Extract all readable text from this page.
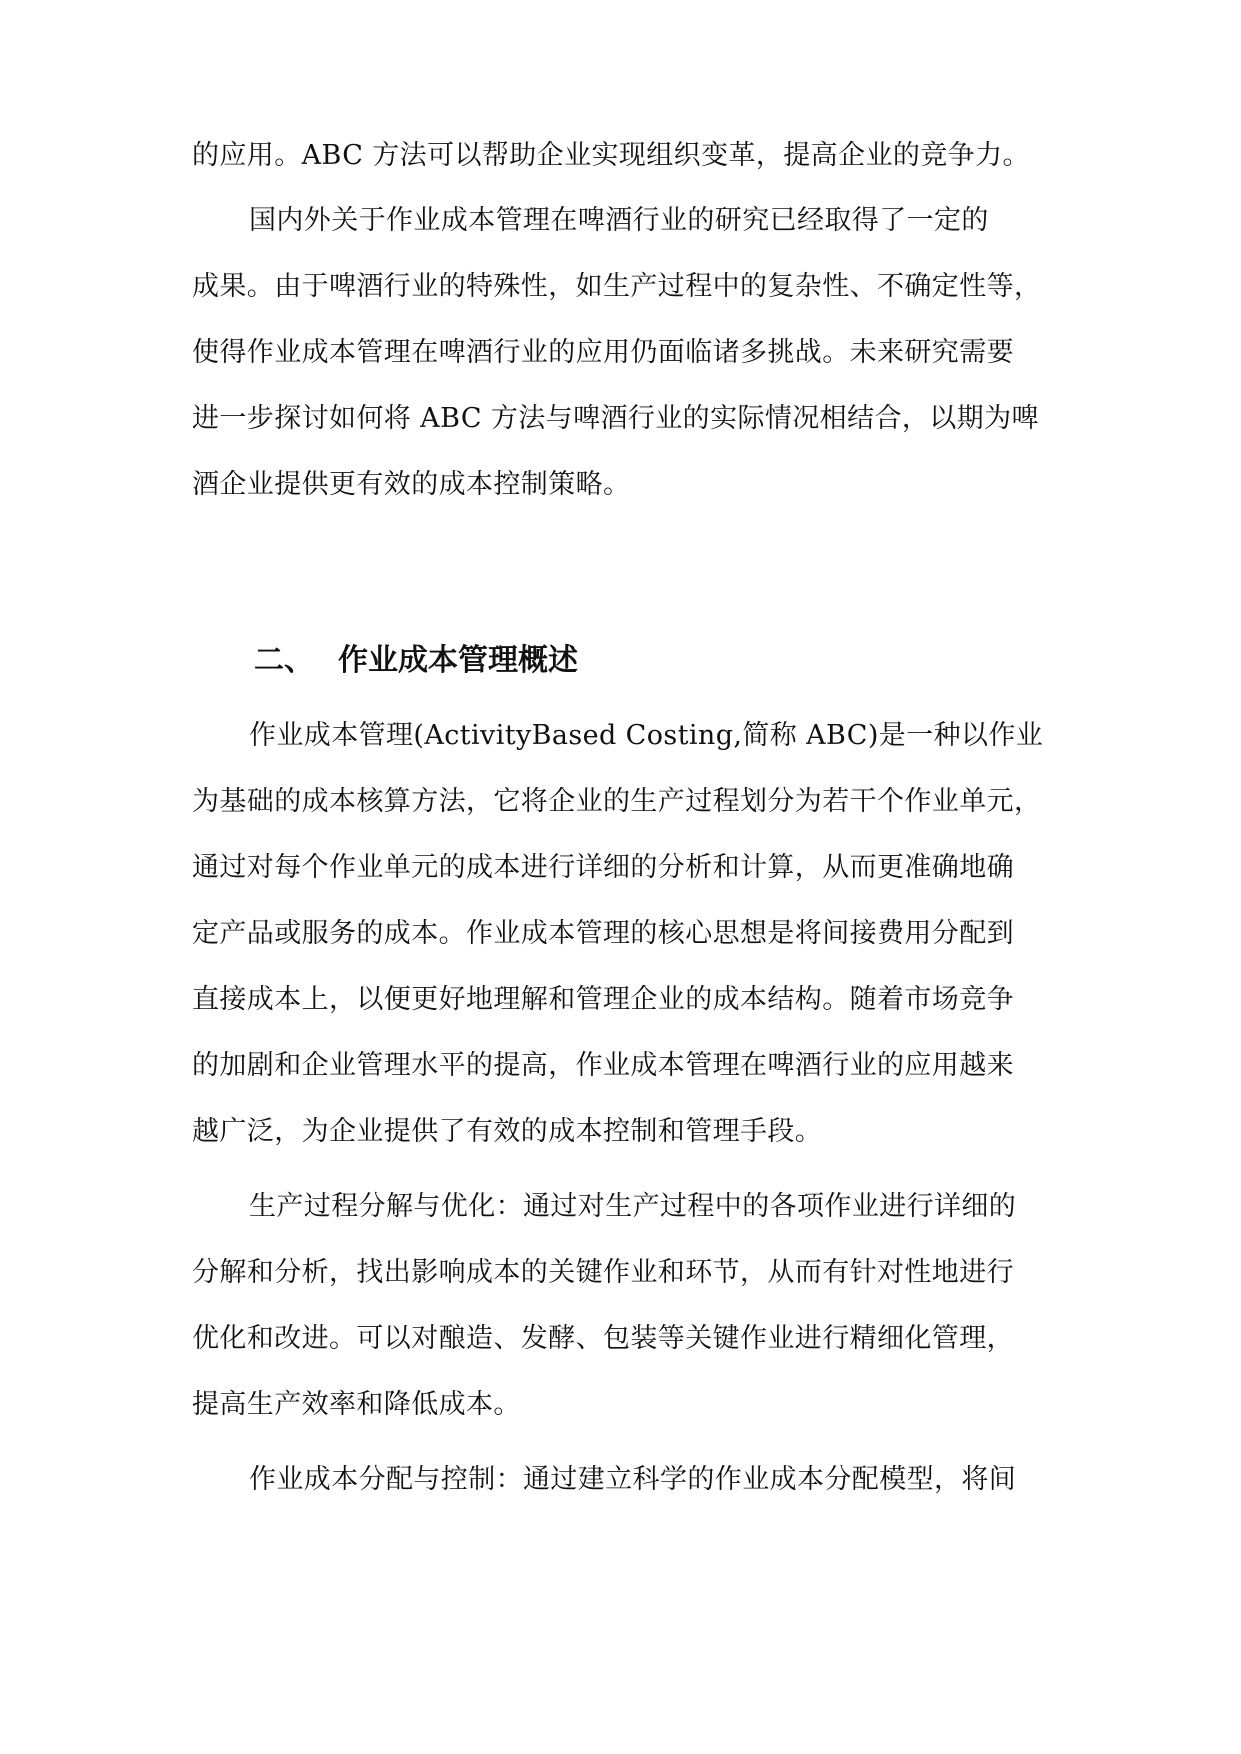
的应用。ABC 方法可以帮助企业实现组织变革，提高企业的竞争力。
国内外关于作业成本管理在啤酒行业的研究已经取得了一定的
成果。由于啤酒行业的特殊性，如生产过程中的复杂性、不确定性等，
使得作业成本管理在啤酒行业的应用仍面临诸多挑战。未来研究需要
进一步探讨如何将 ABC 方法与啤酒行业的实际情况相结合，以期为啤
酒企业提供更有效的成本控制策略。
二、 作业成本管理概述
作业成本管理(ActivityBased Costing,简称 ABC)是一种以作业
为基础的成本核算方法，它将企业的生产过程划分为若干个作业单元，
通过对每个作业单元的成本进行详细的分析和计算，从而更准确地确
定产品或服务的成本。作业成本管理的核心思想是将间接费用分配到
直接成本上，以便更好地理解和管理企业的成本结构。随着市场竞争
的加剧和企业管理水平的提高，作业成本管理在啤酒行业的应用越来
越广泛，为企业提供了有效的成本控制和管理手段。
生产过程分解与优化：通过对生产过程中的各项作业进行详细的
分解和分析，找出影响成本的关键作业和环节，从而有针对性地进行
优化和改进。可以对酿造、发酵、包装等关键作业进行精细化管理，
提高生产效率和降低成本。
作业成本分配与控制：通过建立科学的作业成本分配模型，将间
